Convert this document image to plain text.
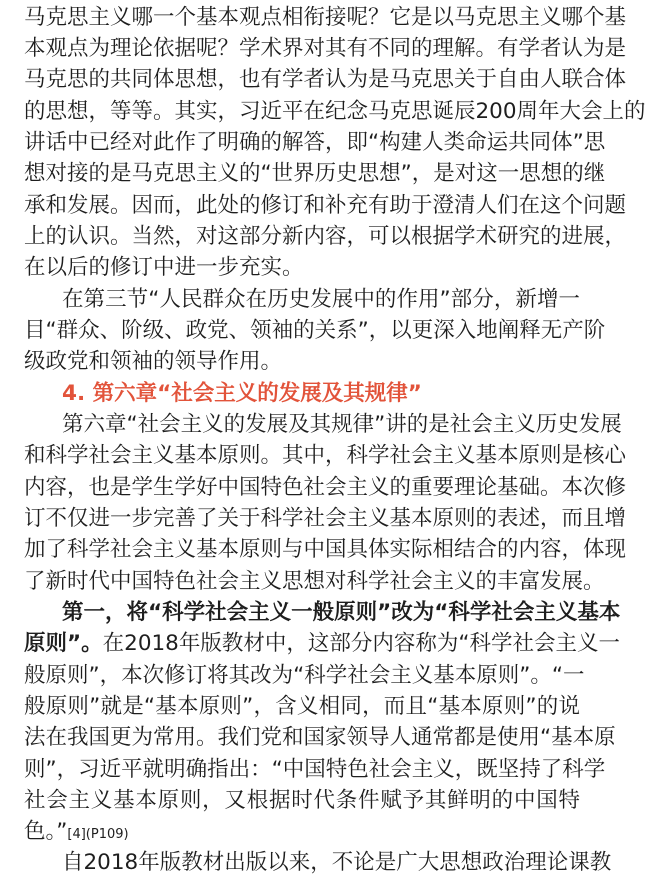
马克思主义哪一个基本观点相衔接呢？它是以马克思主义哪个基
本观点为理论依据呢？学术界对其有不同的理解。有学者认为是
马克思的共同体思想，也有学者认为是马克思关于自由人联合体
的思想，等等。其实，习近平在纪念马克思诞辰200周年大会上的
讲话中已经对此作了明确的解答，即“构建人类命运共同体”思
想对接的是马克思主义的“世界历史思想”，是对这一思想的继
承和发展。因而，此处的修订和补充有助于澄清人们在这个问题
上的认识。当然，对这部分新内容，可以根据学术研究的进展，
在以后的修订中进一步充实。
在第三节“人民群众在历史发展中的作用”部分，新增一
目“群众、阶级、政党、领袖的关系”，以更深入地阐释无产阶
级政党和领袖的领导作用。
4. 第六章“社会主义的发展及其规律”
第六章“社会主义的发展及其规律”讲的是社会主义历史发展
和科学社会主义基本原则。其中，科学社会主义基本原则是核心
内容，也是学生学好中国特色社会主义的重要理论基础。本次修
订不仅进一步完善了关于科学社会主义基本原则的表述，而且增
加了科学社会主义基本原则与中国具体实际相结合的内容，体现
了新时代中国特色社会主义思想对科学社会主义的丰富发展。
第一，将“科学社会主义一般原则”改为“科学社会主义基本
原则”。在2018年版教材中，这部分内容称为“科学社会主义一
般原则”，本次修订将其改为“科学社会主义基本原则”。“一
般原则”就是“基本原则”，含义相同，而且“基本原则”的说
法在我国更为常用。我们党和国家领导人通常都是使用“基本原
则”，习近平就明确指出：“中国特色社会主义，既坚持了科学
社会主义基本原则，又根据时代条件赋予其鲜明的中国特
色。”[4](P109)
自2018年版教材出版以来，不论是广大思想政治理论课教
